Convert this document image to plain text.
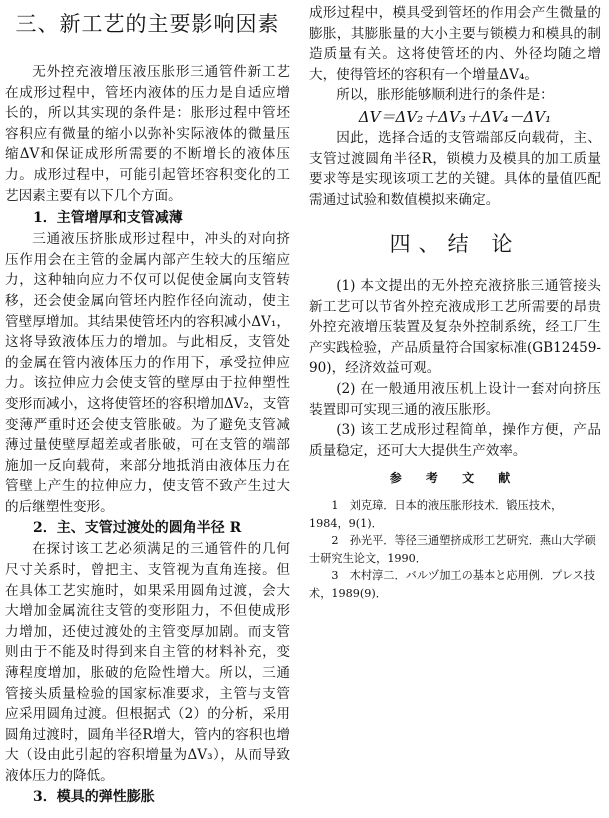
三、新工艺的主要影响因素

无外控充液增压液压胀形三通管件新工艺在成形过程中，管坯内液体的压力是自适应增长的，所以其实现的条件是：胀形过程中管坯容积应有微量的缩小以弥补实际液体的微量压缩ΔV和保证成形所需要的不断增长的液体压力。成形过程中，可能引起管坯容积变化的工艺因素主要有以下几个方面。

1．主管增厚和支管减薄

三通液压挤胀成形过程中，冲头的对向挤压作用会在主管的金属内部产生较大的压缩应力，这种轴向应力不仅可以促使金属向支管转移，还会使金属向管坯内腔作径向流动，使主管壁厚增加。其结果使管坯内的容积减小ΔV₁，这将导致液体压力的增加。与此相反，支管处的金属在管内液体压力的作用下，承受拉伸应力。该拉伸应力会使支管的壁厚由于拉伸塑性变形而减小，这将使管坯的容积增加ΔV₂，支管变薄严重时还会使支管胀破。为了避免支管减薄过量使壁厚超差或者胀破，可在支管的端部施加一反向载荷，来部分地抵消由液体压力在管壁上产生的拉伸应力，使支管不致产生过大的后继塑性变形。

2．主、支管过渡处的圆角半径 R

在探讨该工艺必须满足的三通管件的几何尺寸关系时，曾把主、支管视为直角连接。但在具体工艺实施时，如果采用圆角过渡，会大大增加金属流往支管的变形阻力，不但使成形力增加，还使过渡处的主管变厚加剧。而支管则由于不能及时得到来自主管的材料补充，变薄程度增加，胀破的危险性增大。所以，三通管接头质量检验的国家标准要求，主管与支管应采用圆角过渡。但根据式（2）的分析，采用圆角过渡时，圆角半径R增大，管内的容积也增大（设由此引起的容积增量为ΔV₃），从而导致液体压力的降低。

3．模具的弹性膨胀

成形过程中，模具受到管坯的作用会产生微量的膨胀，其膨胀量的大小主要与锁模力和模具的制造质量有关。这将使管坯的内、外径均随之增大，使得管坯的容积有一个增量ΔV₄。

所以，胀形能够顺利进行的条件是：

ΔV＝ΔV₂＋ΔV₃＋ΔV₄－ΔV₁

因此，选择合适的支管端部反向载荷，主、支管过渡圆角半径R，锁模力及模具的加工质量要求等是实现该项工艺的关键。具体的量值匹配需通过试验和数值模拟来确定。

四、结 论

(1) 本文提出的无外控充液挤胀三通管接头新工艺可以节省外控充液成形工艺所需要的昂贵外控充液增压装置及复杂外控制系统，经工厂生产实践检验，产品质量符合国家标准(GB12459-90)，经济效益可观。

(2) 在一般通用液压机上设计一套对向挤压装置即可实现三通的液压胀形。

(3) 该工艺成形过程简单，操作方便，产品质量稳定，还可大大提供生产效率。

参 考 文 献

1　刘克璋．日本的液压胀形技术．锻压技术，1984，9(1)．

2　孙光平．等径三通塑挤成形工艺研究．燕山大学硕士研究生论文，1990．

3　木村淳二．バルヅ加工の基本と応用例．プレス技术，1989(9)．
